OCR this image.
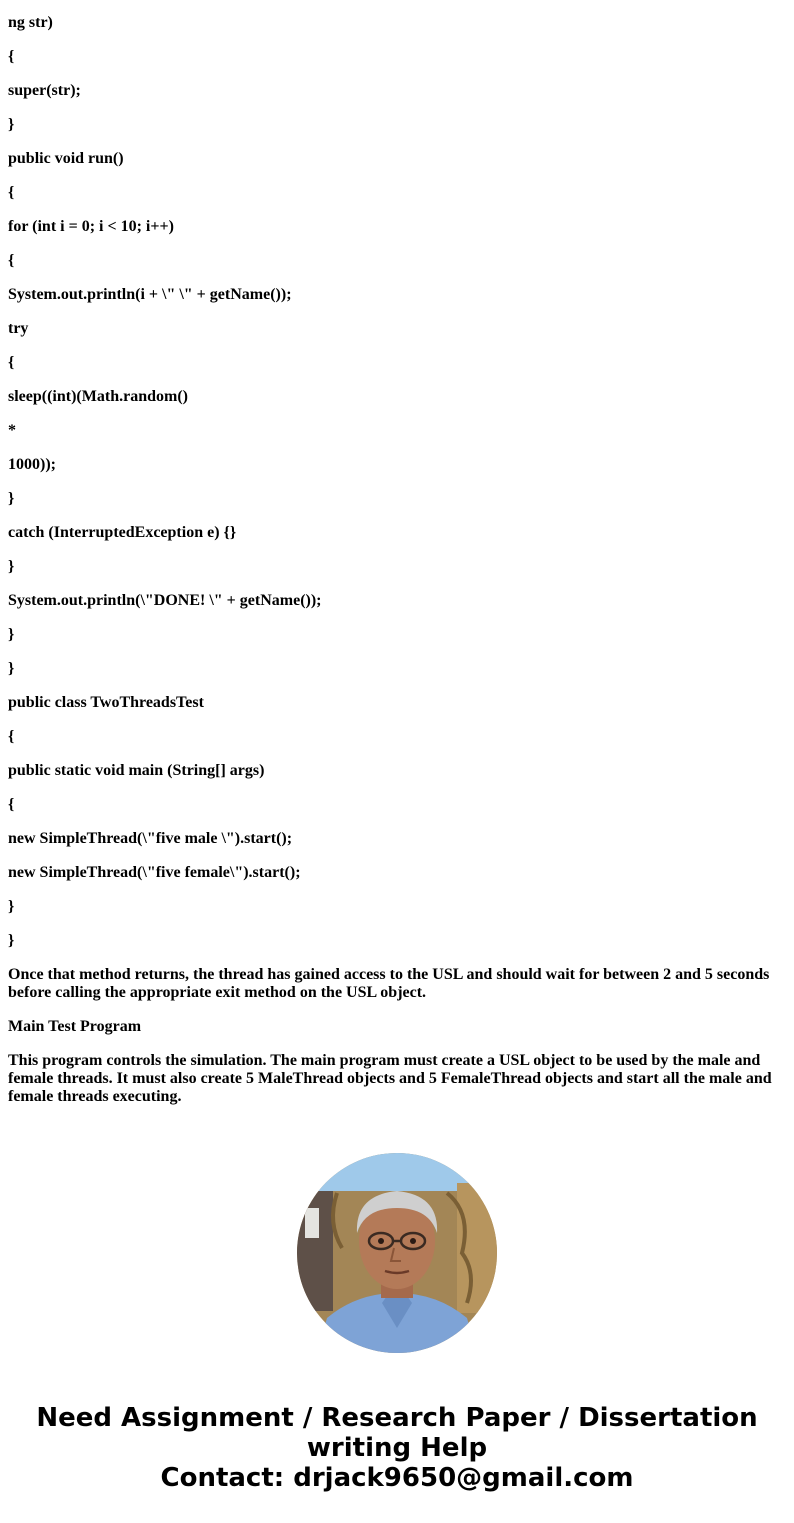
ng str)
{
super(str);
}
public void run()
{
for (int i = 0; i < 10; i++)
{
System.out.println(i + \" \" + getName());
try
{
sleep((int)(Math.random()
*
1000));
}
catch (InterruptedException e) {}
}
System.out.println(\"DONE! \" + getName());
}
}
public class TwoThreadsTest
{
public static void main (String[] args)
{
new SimpleThread(\"five male \").start();
new SimpleThread(\"five female\").start();
}
}

Once that method returns, the thread has gained access to the USL and should wait for between 2 and 5 seconds before calling the appropriate exit method on the USL object.

Main Test Program

This program controls the simulation. The main program must create a USL object to be used by the male and female threads. It must also create 5 MaleThread objects and 5 FemaleThread objects and start all the male and female threads executing.

Need Assignment / Research Paper / Dissertation
writing Help
Contact: drjack9650@gmail.com
